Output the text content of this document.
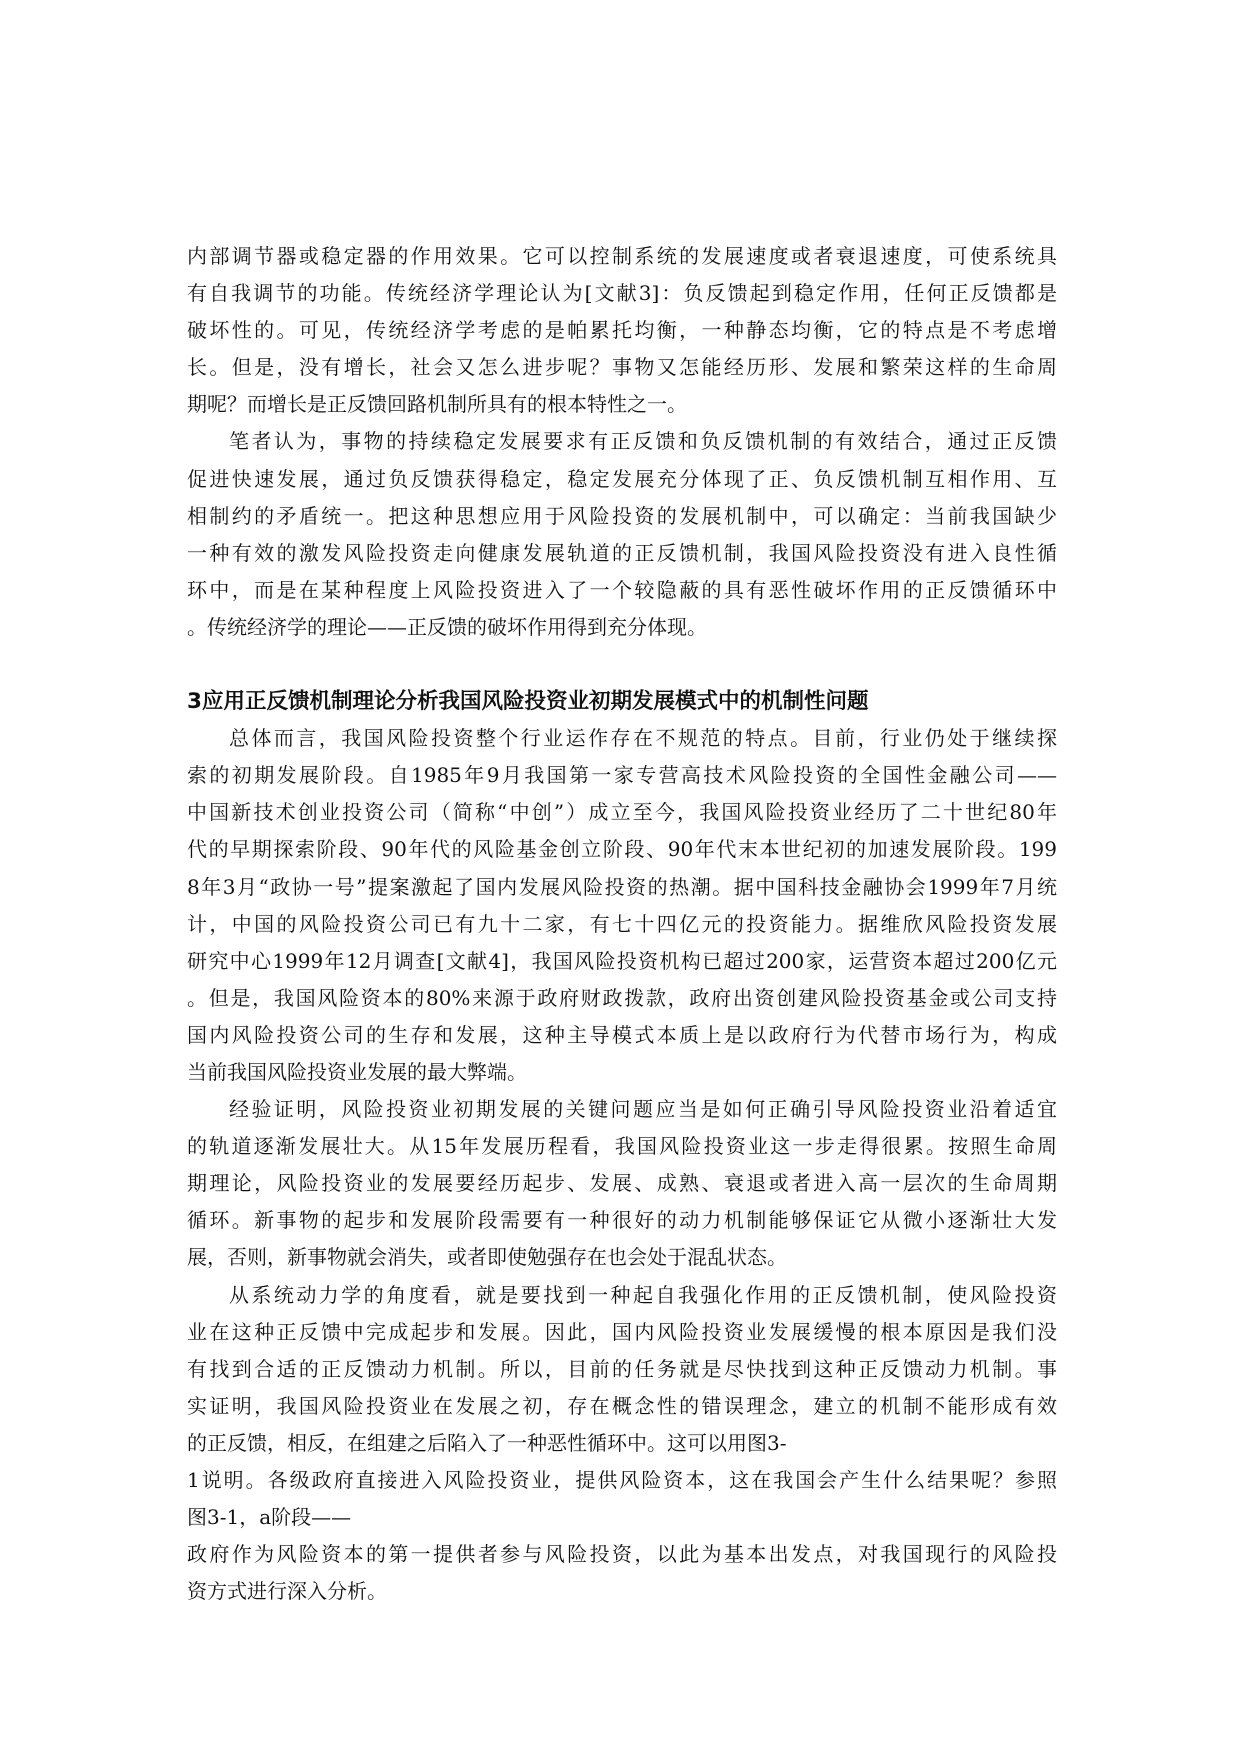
内部调节器或稳定器的作用效果。它可以控制系统的发展速度或者衰退速度，可使系统具
有自我调节的功能。传统经济学理论认为[文献3]：负反馈起到稳定作用，任何正反馈都是
破坏性的。可见，传统经济学考虑的是帕累托均衡，一种静态均衡，它的特点是不考虑增
长。但是，没有增长，社会又怎么进步呢？事物又怎能经历形、发展和繁荣这样的生命周
期呢？而增长是正反馈回路机制所具有的根本特性之一。
笔者认为，事物的持续稳定发展要求有正反馈和负反馈机制的有效结合，通过正反馈
促进快速发展，通过负反馈获得稳定，稳定发展充分体现了正、负反馈机制互相作用、互
相制约的矛盾统一。把这种思想应用于风险投资的发展机制中，可以确定：当前我国缺少
一种有效的激发风险投资走向健康发展轨道的正反馈机制，我国风险投资没有进入良性循
环中，而是在某种程度上风险投资进入了一个较隐蔽的具有恶性破坏作用的正反馈循环中
。传统经济学的理论——正反馈的破坏作用得到充分体现。
3应用正反馈机制理论分析我国风险投资业初期发展模式中的机制性问题
总体而言，我国风险投资整个行业运作存在不规范的特点。目前，行业仍处于继续探
索的初期发展阶段。自1985年9月我国第一家专营高技术风险投资的全国性金融公司——
中国新技术创业投资公司（简称“中创”）成立至今，我国风险投资业经历了二十世纪80年
代的早期探索阶段、90年代的风险基金创立阶段、90年代末本世纪初的加速发展阶段。199
8年3月“政协一号”提案激起了国内发展风险投资的热潮。据中国科技金融协会1999年7月统
计，中国的风险投资公司已有九十二家，有七十四亿元的投资能力。据维欣风险投资发展
研究中心1999年12月调查[文献4]，我国风险投资机构已超过200家，运营资本超过200亿元
。但是，我国风险资本的80%来源于政府财政拨款，政府出资创建风险投资基金或公司支持
国内风险投资公司的生存和发展，这种主导模式本质上是以政府行为代替市场行为，构成
当前我国风险投资业发展的最大弊端。
经验证明，风险投资业初期发展的关键问题应当是如何正确引导风险投资业沿着适宜
的轨道逐渐发展壮大。从15年发展历程看，我国风险投资业这一步走得很累。按照生命周
期理论，风险投资业的发展要经历起步、发展、成熟、衰退或者进入高一层次的生命周期
循环。新事物的起步和发展阶段需要有一种很好的动力机制能够保证它从微小逐渐壮大发
展，否则，新事物就会消失，或者即使勉强存在也会处于混乱状态。
从系统动力学的角度看，就是要找到一种起自我强化作用的正反馈机制，使风险投资
业在这种正反馈中完成起步和发展。因此，国内风险投资业发展缓慢的根本原因是我们没
有找到合适的正反馈动力机制。所以，目前的任务就是尽快找到这种正反馈动力机制。事
实证明，我国风险投资业在发展之初，存在概念性的错误理念，建立的机制不能形成有效
的正反馈，相反，在组建之后陷入了一种恶性循环中。这可以用图3-
1说明。各级政府直接进入风险投资业，提供风险资本，这在我国会产生什么结果呢？参照
图3-1，a阶段——
政府作为风险资本的第一提供者参与风险投资，以此为基本出发点，对我国现行的风险投
资方式进行深入分析。
